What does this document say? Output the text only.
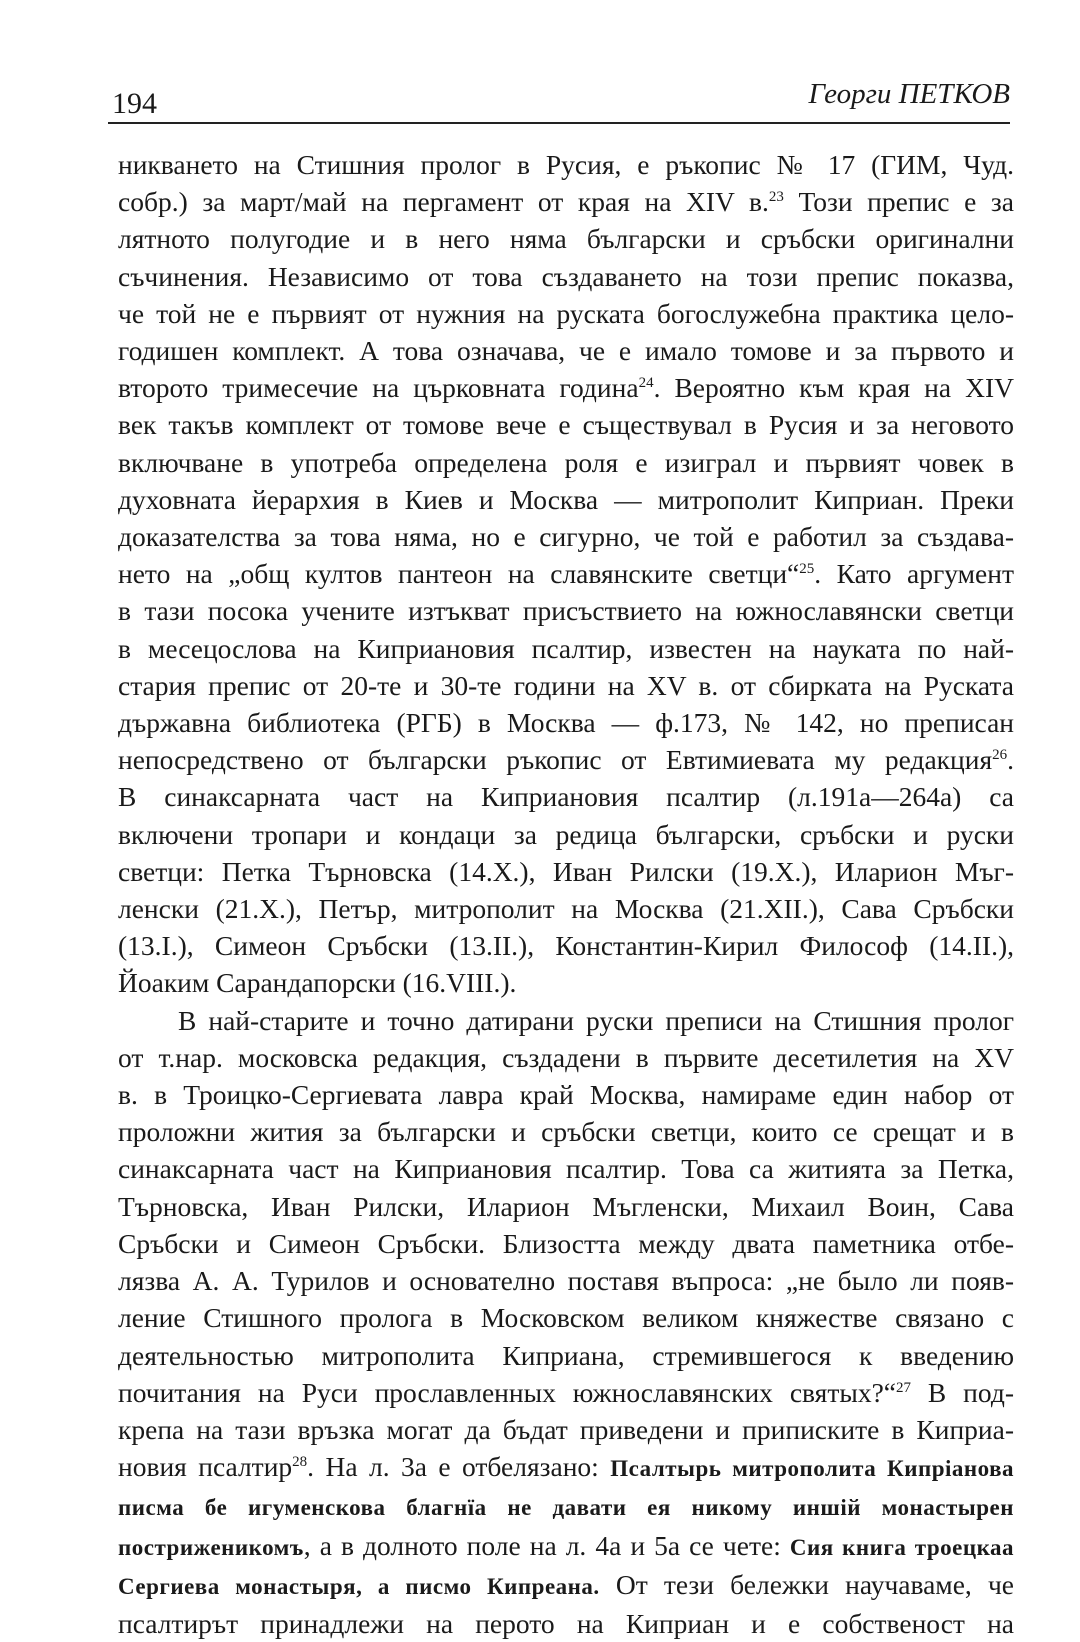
194	Георги ПЕТКОВ
никването на Стишния пролог в Русия, е ръкопис № 17 (ГИМ, Чуд.
собр.) за март/май на пергамент от края на XIV в.$^{23}$ Този препис е за
лятното полугодие и в него няма български и сръбски оригинални
съчинения. Независимо от това създаването на този препис показва,
че той не е първият от нужния на руската богослужебна практика цело-
годишен комплект. А това означава, че е имало томове и за първото и
второто тримесечие на църковната година$^{24}$. Вероятно към края на XIV
век такъв комплект от томове вече е съществувал в Русия и за неговото
включване в употреба определена роля е изиграл и първият човек в
духовната йерархия в Киев и Москва — митрополит Киприан. Преки
доказателства за това няма, но е сигурно, че той е работил за създава-
нето на „общ култов пантеон на славянските светци“$^{25}$. Като аргумент
в тази посока учените изтъкват присъствието на южнославянски светци
в месецослова на Киприановия псалтир, известен на науката по най-
стария препис от 20-те и 30-те години на XV в. от сбирката на Руската
държавна библиотека (РГБ) в Москва — ф.173, № 142, но преписан
непосредствено от български ръкопис от Евтимиевата му редакция$^{26}$.
В синаксарната част на Киприановия псалтир (л.191а—264а) са
включени тропари и кондаци за редица български, сръбски и руски
светци: Петка Търновска (14.Х.), Иван Рилски (19.Х.), Иларион Мъг-
ленски (21.Х.), Петър, митрополит на Москва (21.XII.), Сава Сръбски
(13.I.), Симеон Сръбски (13.II.), Константин-Кирил Философ (14.II.),
Йоаким Сарандапорски (16.VIII.).
В най-старите и точно датирани руски преписи на Стишния пролог
от т.нар. московска редакция, създадени в първите десетилетия на XV
в. в Троицко-Сергиевата лавра край Москва, намираме един набор от
проложни жития за български и сръбски светци, които се срещат и в
синаксарната част на Киприановия псалтир. Това са житията за Петка,
Търновска, Иван Рилски, Иларион Мъгленски, Михаил Воин, Сава
Сръбски и Симеон Сръбски. Близостта между двата паметника отбе-
лязва А. А. Турилов и основателно поставя въпроса: „не было ли появ-
ление Стишного пролога в Московском великом княжестве связано с
деятельностью митрополита Киприана, стремившегося к введению
почитания на Руси прославленных южнославянских святых?“$^{27}$ В под-
крепа на тази връзка могат да бъдат приведени и приписките в Киприа-
новия псалтир$^{28}$. На л. 3а е отбелязано: Псалтырь митрополита Кипріанова
писма бе игуменскова благнїа не давати ея никому иншій монастырен
постриженикомъ, а в долното поле на л. 4а и 5а се чете: Сия книга троецкаа
Сергиева монастыря, а писмо Кипреана. От тези бележки научаваме, че
псалтирът принадлежи на перото на Киприан и е собственост на
